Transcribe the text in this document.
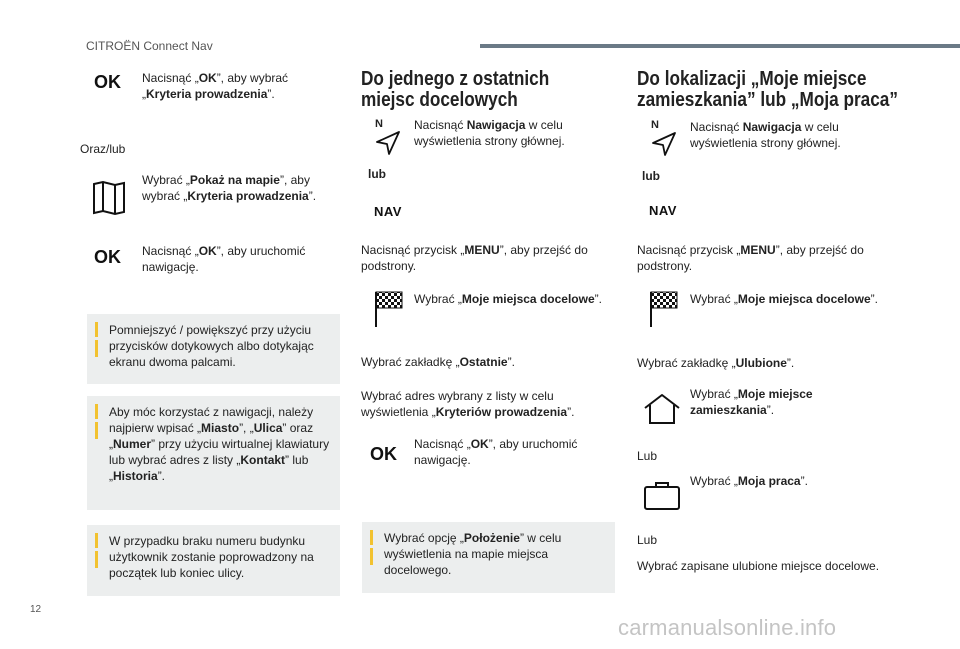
CITROËN Connect Nav
OK Nacisnąć „OK”, aby wybrać
„Kryteria prowadzenia”.
Oraz/lub
Wybrać „Pokaż na mapie”, aby
wybrać „Kryteria prowadzenia”.
OK Nacisnąć „OK”, aby uruchomić
nawigację.
Pomniejszyć / powiększyć przy użyciu
przycisków dotykowych albo dotykając
ekranu dwoma palcami.
Aby móc korzystać z nawigacji, należy
najpierw wpisać „Miasto”, „Ulica” oraz
„Numer” przy użyciu wirtualnej klawiatury
lub wybrać adres z listy „Kontakt” lub
„Historia”.
W przypadku braku numeru budynku
użytkownik zostanie poprowadzony na
początek lub koniec ulicy.
Do jednego z ostatnich
miejsc docelowych
N	Nacisnąć Nawigacja w celu
wyświetlenia strony głównej.
lub
NAV
Nacisnąć przycisk „MENU”, aby przejść do
podstrony.
Wybrać „Moje miejsca docelowe”.
Wybrać zakładkę „Ostatnie”.
Wybrać adres wybrany z listy w celu
wyświetlenia „Kryteriów prowadzenia”.
OK Nacisnąć „OK”, aby uruchomić
nawigację.
Wybrać opcję „Położenie” w celu
wyświetlenia na mapie miejsca
docelowego.
Do lokalizacji „Moje miejsce
zamieszkania” lub „Moja praca”
N	Nacisnąć Nawigacja w celu
wyświetlenia strony głównej.
lub
NAV
Nacisnąć przycisk „MENU”, aby przejść do
podstrony.
Wybrać „Moje miejsca docelowe”.
Wybrać zakładkę „Ulubione”.
Wybrać „Moje miejsce
zamieszkania”.
Lub
Wybrać „Moja praca”.
Lub
Wybrać zapisane ulubione miejsce docelowe.
12
carmanualsonline.info
